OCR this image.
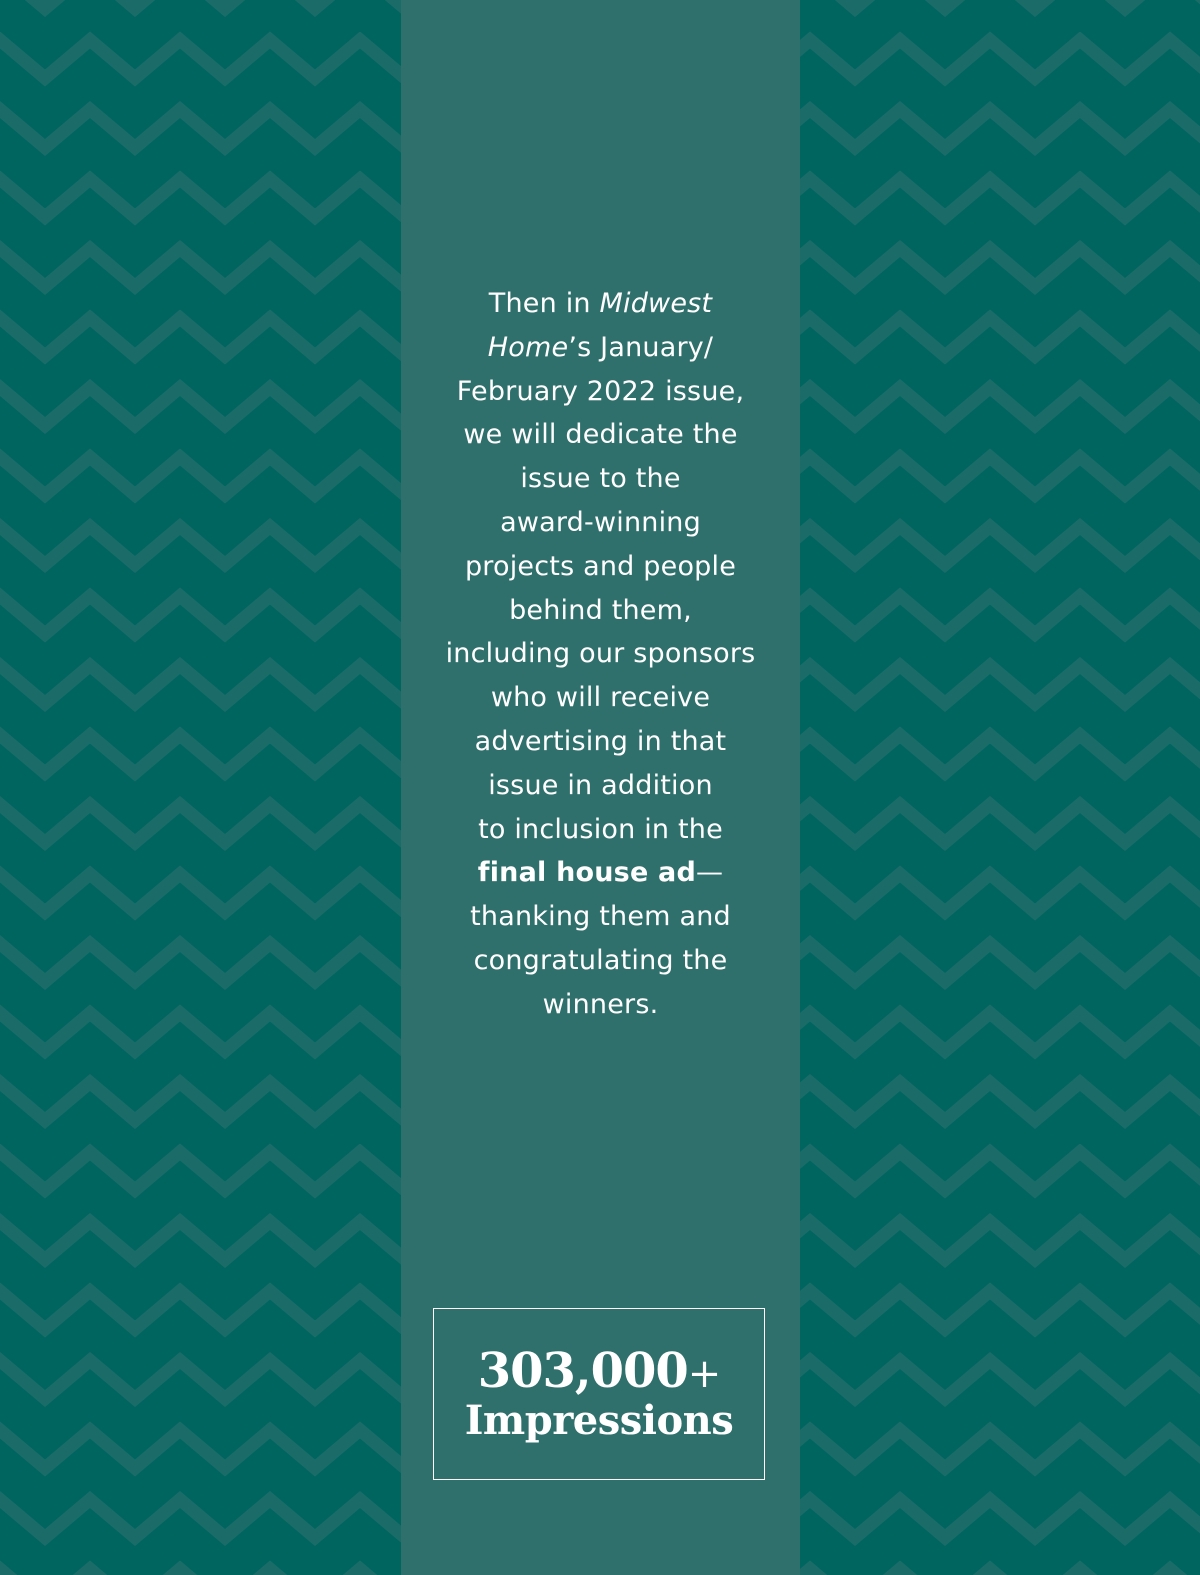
Then in Midwest
Home’s January/
February 2022 issue,
we will dedicate the
issue to the
award-winning
projects and people
behind them,
including our sponsors
who will receive
advertising in that
issue in addition
to inclusion in the
final house ad—
thanking them and
congratulating the
winners.

303,000+
Impressions
